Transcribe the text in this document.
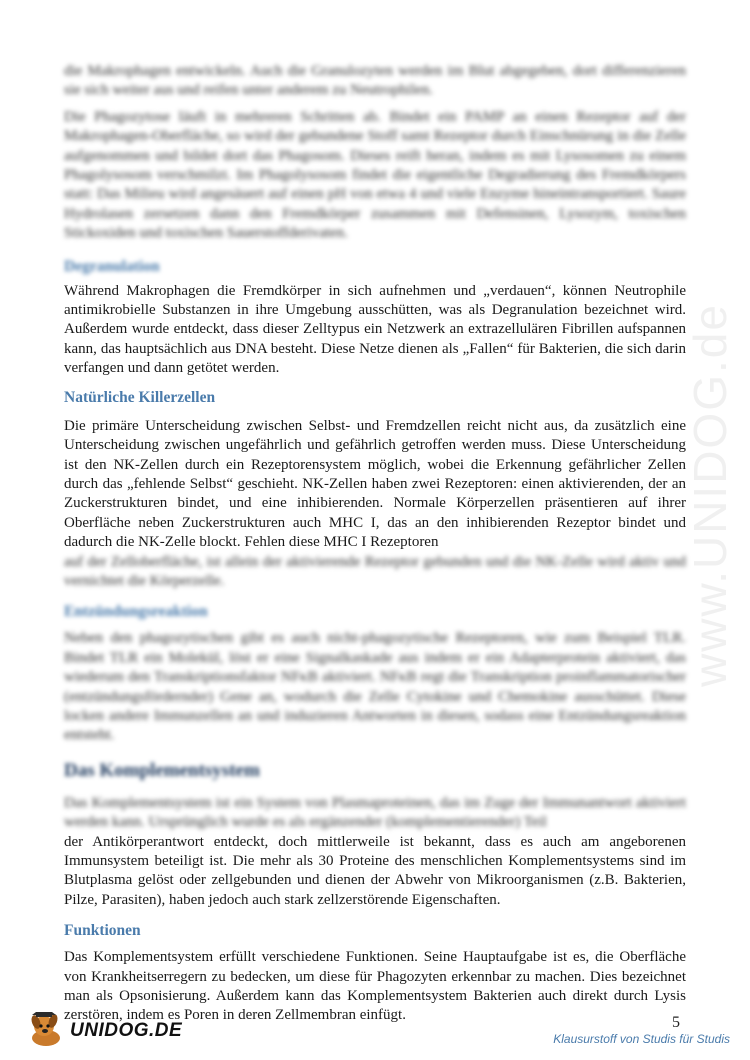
www.UNIDOG.de

die Makrophagen entwickeln. Auch die Granulozyten werden im Blut abgegeben, dort differenzieren sie sich weiter aus und reifen unter anderem zu Neutrophilen.

Die Phagozytose läuft in mehreren Schritten ab. Bindet ein PAMP an einen Rezeptor auf der Makrophagen-Oberfläche, so wird der gebundene Stoff samt Rezeptor durch Einschnürung in die Zelle aufgenommen und bildet dort das Phagosom. Dieses reift heran, indem es mit Lysosomen zu einem Phagolysosom verschmilzt. Im Phagolysosom findet die eigentliche Degradierung des Fremdkörpers statt: Das Milieu wird angesäuert auf einen pH von etwa 4 und viele Enzyme hineintransportiert. Saure Hydrolasen zersetzen dann den Fremdkörper zusammen mit Defensinen, Lysozym, toxischen Stickoxiden und toxischen Sauerstoffderivaten.

Degranulation

Während Makrophagen die Fremdkörper in sich aufnehmen und „verdauen“, können Neutrophile antimikrobielle Substanzen in ihre Umgebung ausschütten, was als Degranulation bezeichnet wird. Außerdem wurde entdeckt, dass dieser Zelltypus ein Netzwerk an extrazellulären Fibrillen aufspannen kann, das hauptsächlich aus DNA besteht. Diese Netze dienen als „Fallen“ für Bakterien, die sich darin verfangen und dann getötet werden.

Natürliche Killerzellen

Die primäre Unterscheidung zwischen Selbst- und Fremdzellen reicht nicht aus, da zusätzlich eine Unterscheidung zwischen ungefährlich und gefährlich getroffen werden muss. Diese Unterscheidung ist den NK-Zellen durch ein Rezeptorensystem möglich, wobei die Erkennung gefährlicher Zellen durch das „fehlende Selbst“ geschieht. NK-Zellen haben zwei Rezeptoren: einen aktivierenden, der an Zuckerstrukturen bindet, und eine inhibierenden. Normale Körperzellen präsentieren auf ihrer Oberfläche neben Zuckerstrukturen auch MHC I, das an den inhibierenden Rezeptor bindet und dadurch die NK-Zelle blockt. Fehlen diese MHC I Rezeptoren

auf der Zelloberfläche, ist allein der aktivierende Rezeptor gebunden und die NK-Zelle wird aktiv und vernichtet die Körperzelle.

Entzündungsreaktion

Neben den phagozytischen gibt es auch nicht-phagozytische Rezeptoren, wie zum Beispiel TLR. Bindet TLR ein Molekül, löst er eine Signalkaskade aus indem er ein Adapterprotein aktiviert, das wiederum den Transkriptionsfaktor NFκB aktiviert. NFκB regt die Transkription proinflammatorischer (entzündungsfördernder) Gene an, wodurch die Zelle Cytokine und Chemokine ausschüttet. Diese locken andere Immunzellen an und induzieren Antworten in diesen, sodass eine Entzündungsreaktion entsteht.

Das Komplementsystem

Das Komplementsystem ist ein System von Plasmaproteinen, das im Zuge der Immunantwort aktiviert werden kann. Ursprünglich wurde es als ergänzender (komplementierender) Teil

der Antikörperantwort entdeckt, doch mittlerweile ist bekannt, dass es auch am angeborenen Immunsystem beteiligt ist. Die mehr als 30 Proteine des menschlichen Komplementsystems sind im Blutplasma gelöst oder zellgebunden und dienen der Abwehr von Mikroorganismen (z.B. Bakterien, Pilze, Parasiten), haben jedoch auch stark zellzerstörende Eigenschaften.

Funktionen

Das Komplementsystem erfüllt verschiedene Funktionen. Seine Hauptaufgabe ist es, die Oberfläche von Krankheitserregern zu bedecken, um diese für Phagozyten erkennbar zu machen. Dies bezeichnet man als Opsonisierung. Außerdem kann das Komplementsystem Bakterien auch direkt durch Lysis zerstören, indem es Poren in deren Zellmembran einfügt.

UNIDOG.DE	5
Klausurstoff von Studis für Studis
